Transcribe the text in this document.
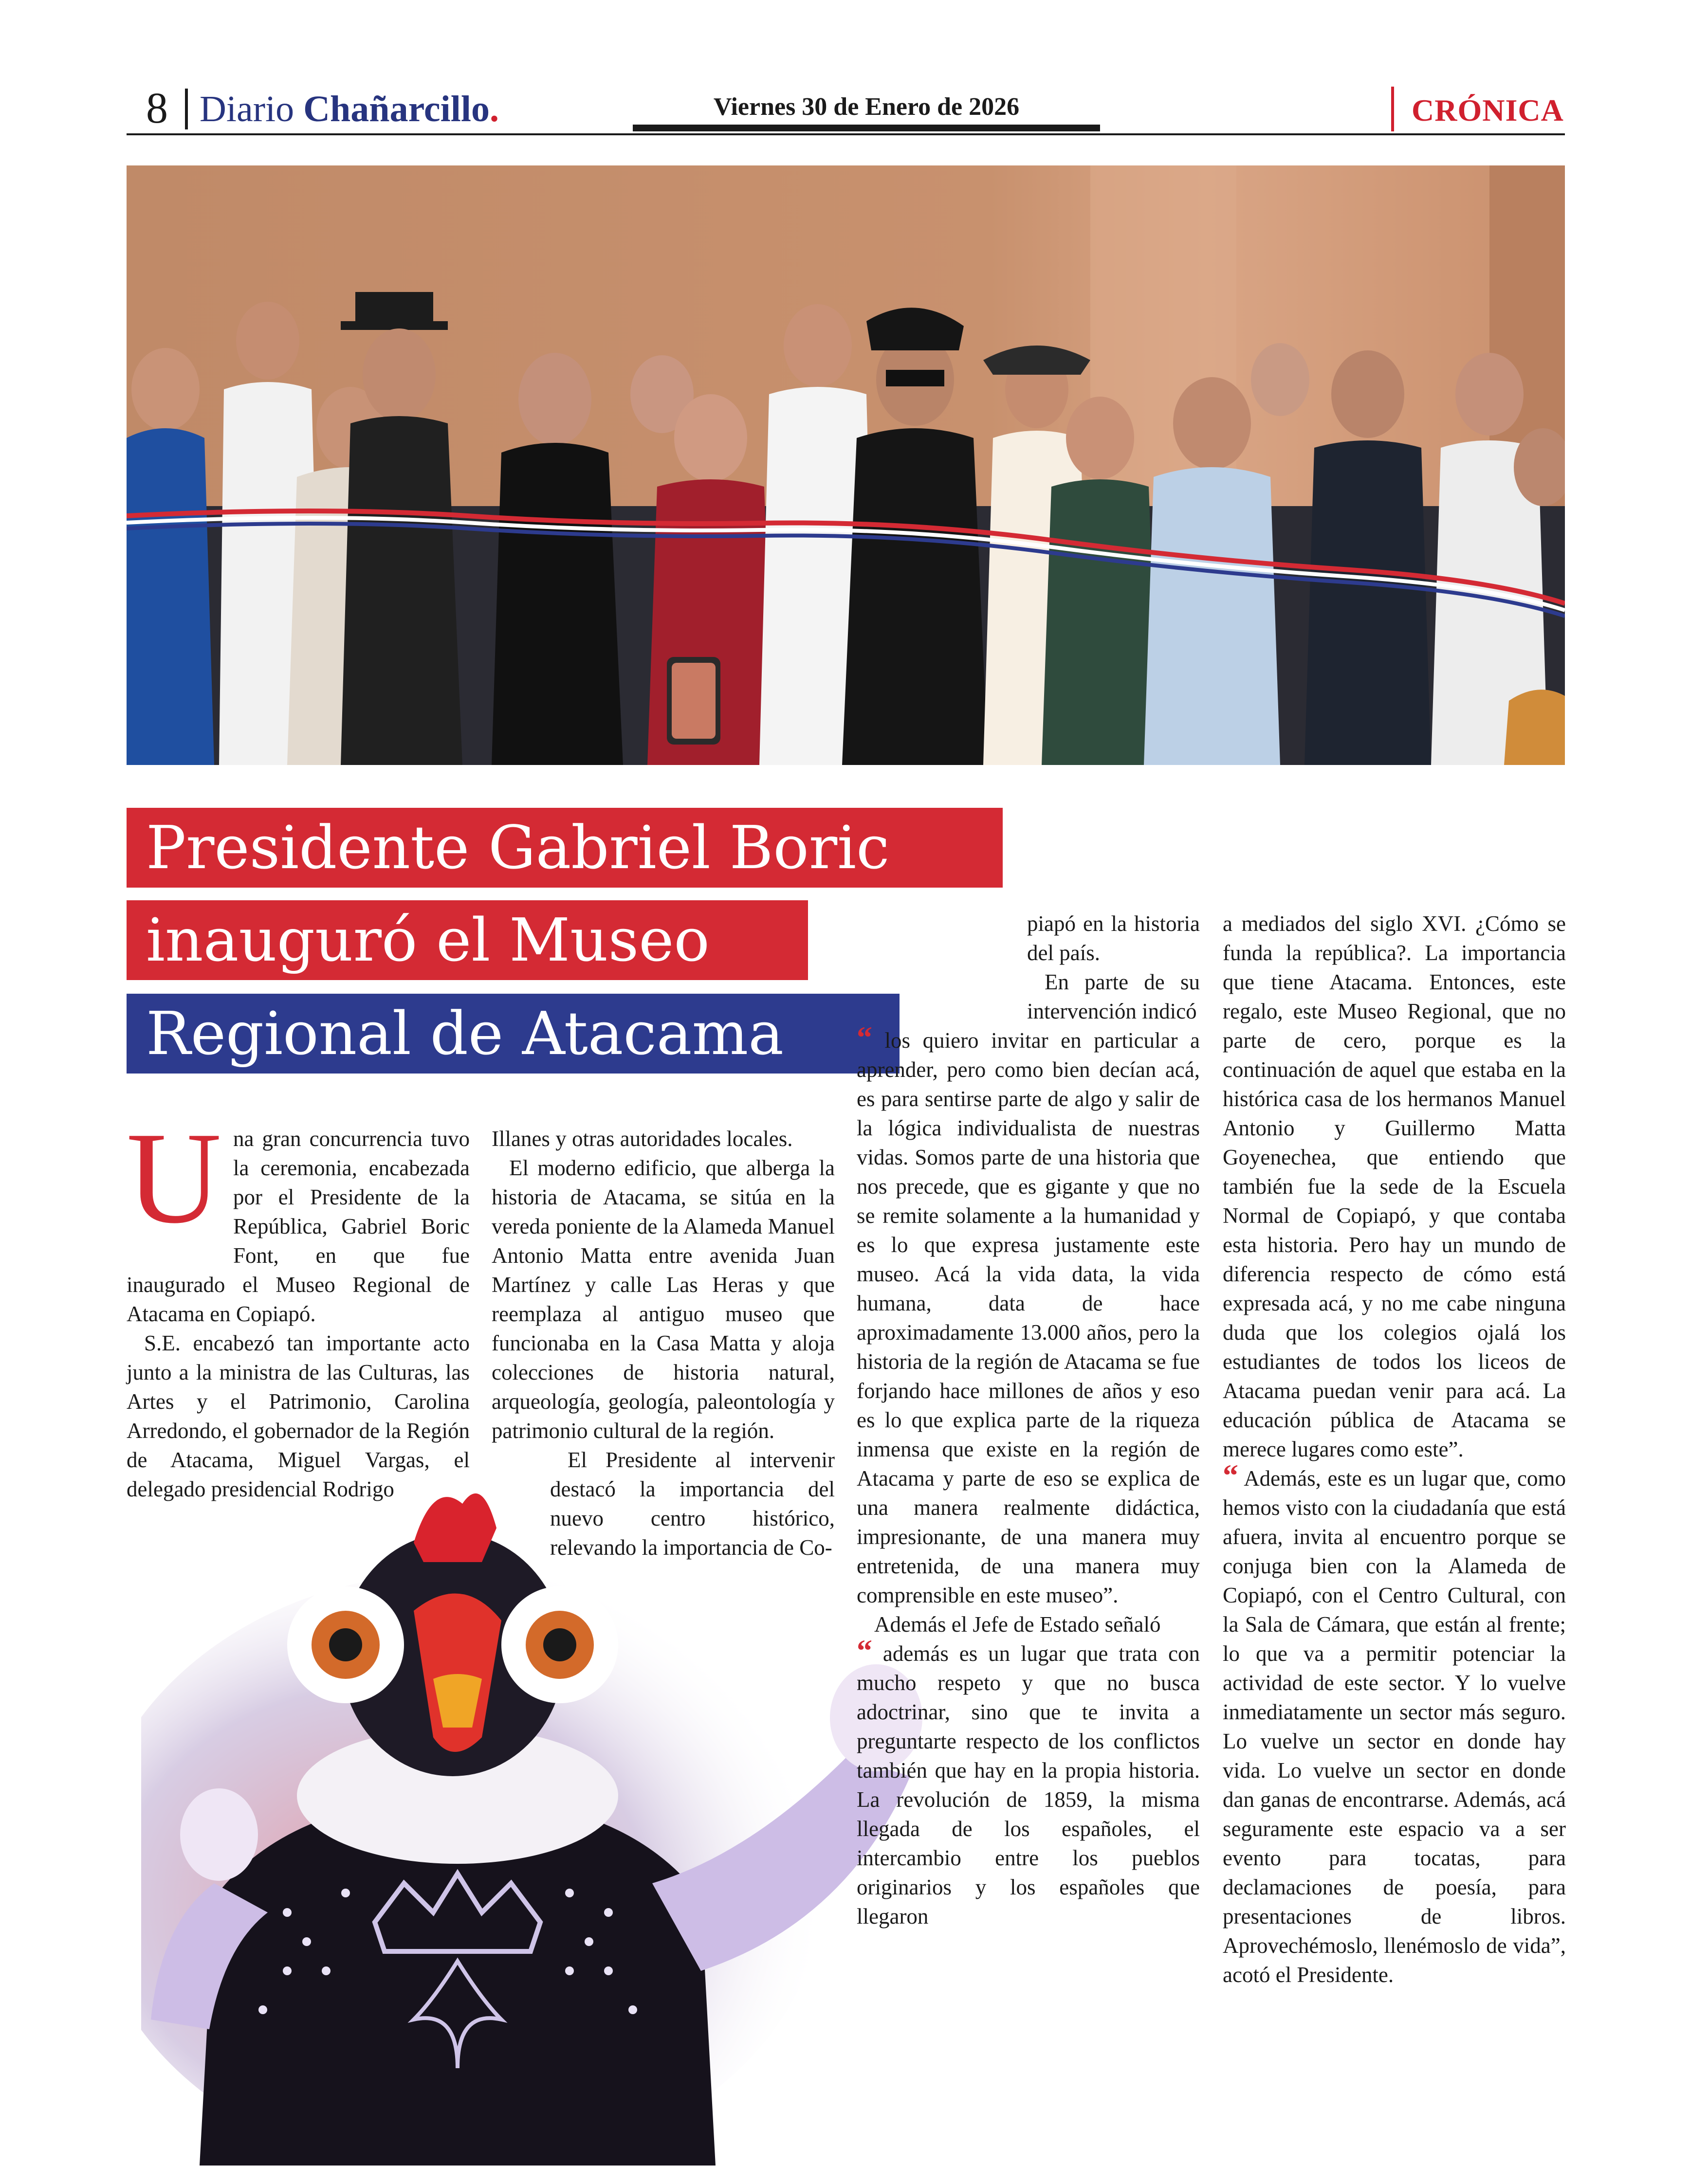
8 Diario Chañarcillo.	Viernes 30 de Enero de 2026	CRÓNICA
Presidente Gabriel Boric
inauguró el Museo
Regional de Atacama
U na gran concurrencia tuvo la ceremonia, encabezada por el Presidente de la República, Gabriel Boric Font, en que fue inaugurado el Museo Regional de Atacama en Copiapó.

S.E. encabezó tan importante acto junto a la ministra de las Culturas, las Artes y el Patrimonio, Carolina Arredondo, el gobernador de la Región de Atacama, Miguel Vargas, el delegado presidencial Rodrigo

Illanes y otras autoridades locales.

El moderno edificio, que alberga la historia de Atacama, se sitúa en la vereda poniente de la Alameda Manuel Antonio Matta entre avenida Juan Martínez y calle Las Heras y que reemplaza al antiguo museo que funcionaba en la Casa Matta y aloja colecciones de historia natural, arqueología, geología, paleontología y patrimonio cultural de la región.

El Presidente al intervenir destacó la importancia del nuevo centro histórico, relevando la importancia de Co-

piapó en la historia del país.

En parte de su intervención indicó

“ los quiero invitar en particular a aprender, pero como bien decían acá, es para sentirse parte de algo y salir de la lógica individualista de nuestras vidas. Somos parte de una historia que nos precede, que es gigante y que no se remite solamente a la humanidad y es lo que expresa justamente este museo. Acá la vida data, la vida humana, data de hace aproximadamente 13.000 años, pero la historia de la región de Atacama se fue forjando hace millones de años y eso es lo que explica parte de la riqueza inmensa que existe en la región de Atacama y parte de eso se explica de una manera realmente didáctica, impresionante, de una manera muy entretenida, de una manera muy comprensible en este museo”.

Además el Jefe de Estado señaló

“ además es un lugar que trata con mucho respeto y que no busca adoctrinar, sino que te invita a preguntarte respecto de los conflictos también que hay en la propia historia. La revolución de 1859, la misma llegada de los españoles, el intercambio entre los pueblos originarios y los españoles que llegaron

a mediados del siglo XVI. ¿Cómo se funda la república?. La importancia que tiene Atacama. Entonces, este regalo, este Museo Regional, que no parte de cero, porque es la continuación de aquel que estaba en la histórica casa de los hermanos Manuel Antonio y Guillermo Matta Goyenechea, que entiendo que también fue la sede de la Escuela Normal de Copiapó, y que contaba esta historia. Pero hay un mundo de diferencia respecto de cómo está expresada acá, y no me cabe ninguna duda que los colegios ojalá los estudiantes de todos los liceos de Atacama puedan venir para acá. La educación pública de Atacama se merece lugares como este”.

“ Además, este es un lugar que, como hemos visto con la ciudadanía que está afuera, invita al encuentro porque se conjuga bien con la Alameda de Copiapó, con el Centro Cultural, con la Sala de Cámara, que están al frente; lo que va a permitir potenciar la actividad de este sector. Y lo vuelve inmediatamente un sector más seguro. Lo vuelve un sector en donde hay vida. Lo vuelve un sector en donde dan ganas de encontrarse. Además, acá seguramente este espacio va a ser evento para tocatas, para declamaciones de poesía, para presentaciones de libros. Aprovechémoslo, llenémoslo de vida”, acotó el Presidente.
